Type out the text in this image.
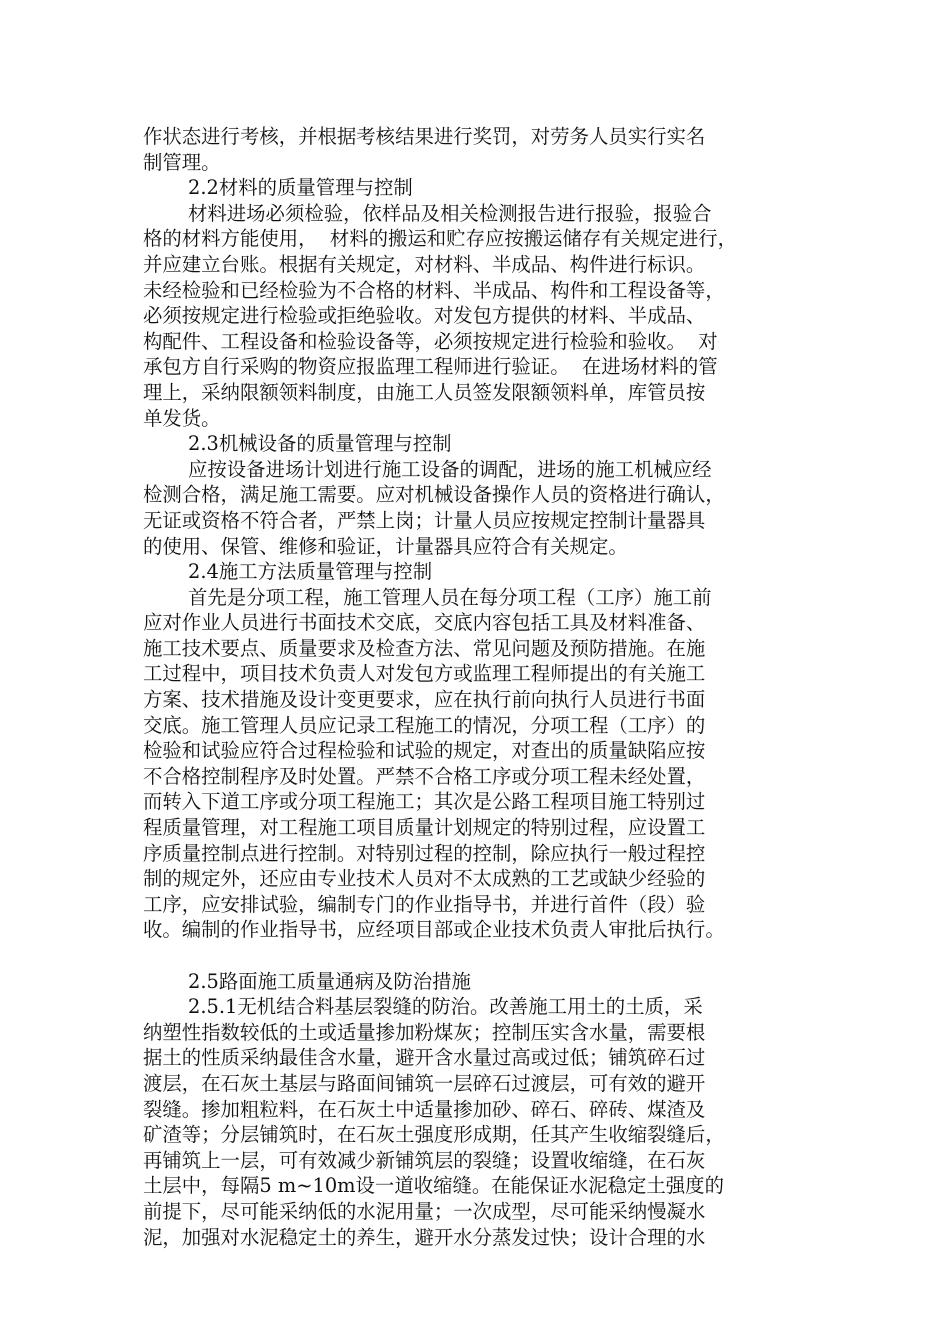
作状态进行考核，并根据考核结果进行奖罚，对劳务人员实行实名
制管理。
2.2材料的质量管理与控制
材料进场必须检验，依样品及相关检测报告进行报验，报验合
格的材料方能使用，  材料的搬运和贮存应按搬运储存有关规定进行，
并应建立台账。根据有关规定，对材料、半成品、构件进行标识。
未经检验和已经检验为不合格的材料、半成品、构件和工程设备等，
必须按规定进行检验或拒绝验收。对发包方提供的材料、半成品、
构配件、工程设备和检验设备等，必须按规定进行检验和验收。  对
承包方自行采购的物资应报监理工程师进行验证。  在进场材料的管
理上，采纳限额领料制度，由施工人员签发限额领料单，库管员按
单发货。
2.3机械设备的质量管理与控制
应按设备进场计划进行施工设备的调配，进场的施工机械应经
检测合格，满足施工需要。应对机械设备操作人员的资格进行确认，
无证或资格不符合者，严禁上岗；计量人员应按规定控制计量器具
的使用、保管、维修和验证，计量器具应符合有关规定。
2.4施工方法质量管理与控制
首先是分项工程，施工管理人员在每分项工程（工序）施工前
应对作业人员进行书面技术交底，交底内容包括工具及材料准备、
施工技术要点、质量要求及检查方法、常见问题及预防措施。在施
工过程中，项目技术负责人对发包方或监理工程师提出的有关施工
方案、技术措施及设计变更要求，应在执行前向执行人员进行书面
交底。施工管理人员应记录工程施工的情况，分项工程（工序）的
检验和试验应符合过程检验和试验的规定，对查出的质量缺陷应按
不合格控制程序及时处置。严禁不合格工序或分项工程未经处置，
而转入下道工序或分项工程施工；其次是公路工程项目施工特别过
程质量管理，对工程施工项目质量计划规定的特别过程，应设置工
序质量控制点进行控制。对特别过程的控制，除应执行一般过程控
制的规定外，还应由专业技术人员对不太成熟的工艺或缺少经验的
工序，应安排试验，编制专门的作业指导书，并进行首件（段）验
收。编制的作业指导书，应经项目部或企业技术负责人审批后执行。
2.5路面施工质量通病及防治措施
2.5.1无机结合料基层裂缝的防治。改善施工用土的土质，采
纳塑性指数较低的土或适量掺加粉煤灰；控制压实含水量，需要根
据土的性质采纳最佳含水量，避开含水量过高或过低；铺筑碎石过
渡层，在石灰土基层与路面间铺筑一层碎石过渡层，可有效的避开
裂缝。掺加粗粒料，在石灰土中适量掺加砂、碎石、碎砖、煤渣及
矿渣等；分层铺筑时，在石灰土强度形成期，任其产生收缩裂缝后，
再铺筑上一层，可有效减少新铺筑层的裂缝；设置收缩缝，在石灰
土层中，每隔5 m~10m设一道收缩缝。在能保证水泥稳定土强度的
前提下，尽可能采纳低的水泥用量；一次成型，尽可能采纳慢凝水
泥，加强对水泥稳定土的养生，避开水分蒸发过快；设计合理的水
